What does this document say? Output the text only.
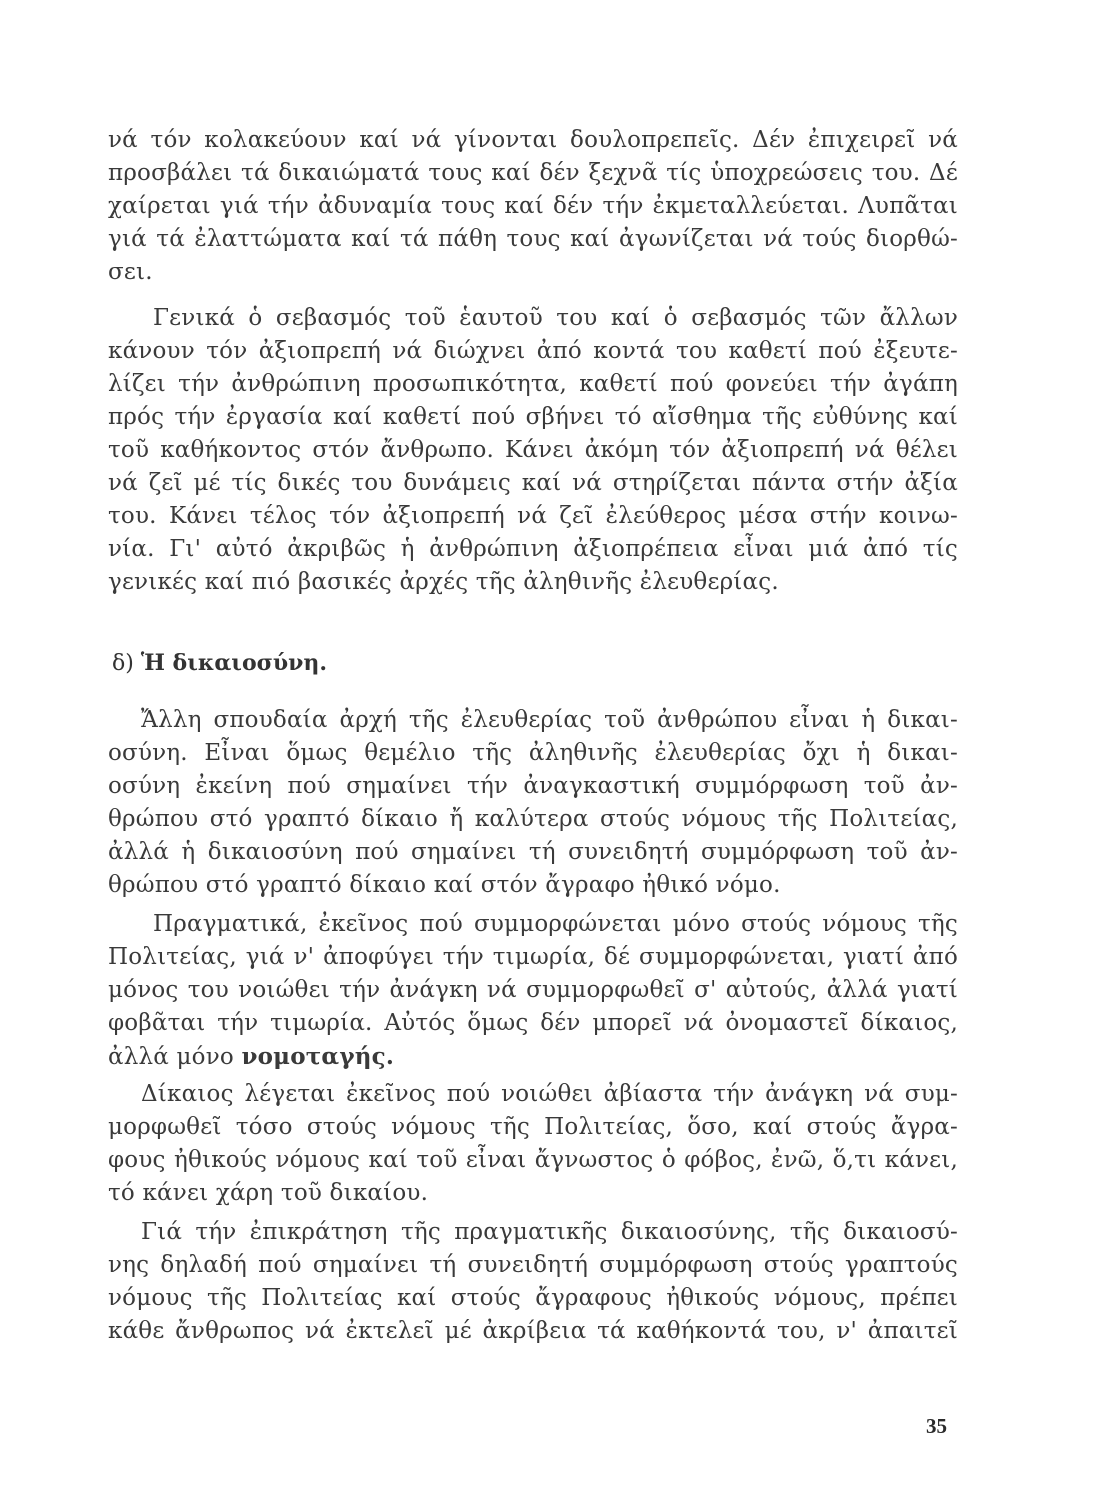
νά τόν κολακεύουν καί νά γίνονται δουλοπρεπεῖς. Δέν ἐπιχειρεῖ νά
προσβάλει τά δικαιώματά τους καί δέν ξεχνᾶ τίς ὑποχρεώσεις του. Δέ
χαίρεται γιά τήν ἀδυναμία τους καί δέν τήν ἐκμεταλλεύεται. Λυπᾶται
γιά τά ἐλαττώματα καί τά πάθη τους καί ἀγωνίζεται νά τούς διορθώ-
σει.
Γενικά ὁ σεβασμός τοῦ ἑαυτοῦ του καί ὁ σεβασμός τῶν ἄλλων
κάνουν τόν ἀξιοπρεπή νά διώχνει ἀπό κοντά του καθετί πού ἐξευτε-
λίζει τήν ἀνθρώπινη προσωπικότητα, καθετί πού φονεύει τήν ἀγάπη
πρός τήν ἐργασία καί καθετί πού σβήνει τό αἴσθημα τῆς εὐθύνης καί
τοῦ καθήκοντος στόν ἄνθρωπο. Κάνει ἀκόμη τόν ἀξιοπρεπή νά θέλει
νά ζεῖ μέ τίς δικές του δυνάμεις καί νά στηρίζεται πάντα στήν ἀξία
του. Κάνει τέλος τόν ἀξιοπρεπή νά ζεῖ ἐλεύθερος μέσα στήν κοινω-
νία. Γι' αὐτό ἀκριβῶς ἡ ἀνθρώπινη ἀξιοπρέπεια εἶναι μιά ἀπό τίς
γενικές καί πιό βασικές ἀρχές τῆς ἀληθινῆς ἐλευθερίας.
δ) Ἡ δικαιοσύνη.
Ἄλλη σπουδαία ἀρχή τῆς ἐλευθερίας τοῦ ἀνθρώπου εἶναι ἡ δικαι-
οσύνη. Εἶναι ὅμως θεμέλιο τῆς ἀληθινῆς ἐλευθερίας ὄχι ἡ δικαι-
οσύνη ἐκείνη πού σημαίνει τήν ἀναγκαστική συμμόρφωση τοῦ ἀν-
θρώπου στό γραπτό δίκαιο ἤ καλύτερα στούς νόμους τῆς Πολιτείας,
ἀλλά ἡ δικαιοσύνη πού σημαίνει τή συνειδητή συμμόρφωση τοῦ ἀν-
θρώπου στό γραπτό δίκαιο καί στόν ἄγραφο ἠθικό νόμο.
Πραγματικά, ἐκεῖνος πού συμμορφώνεται μόνο στούς νόμους τῆς
Πολιτείας, γιά ν' ἀποφύγει τήν τιμωρία, δέ συμμορφώνεται, γιατί ἀπό
μόνος του νοιώθει τήν ἀνάγκη νά συμμορφωθεῖ σ' αὐτούς, ἀλλά γιατί
φοβᾶται τήν τιμωρία. Αὐτός ὅμως δέν μπορεῖ νά ὀνομαστεῖ δίκαιος,
ἀλλά μόνο νομοταγής.
Δίκαιος λέγεται ἐκεῖνος πού νοιώθει ἀβίαστα τήν ἀνάγκη νά συμ-
μορφωθεῖ τόσο στούς νόμους τῆς Πολιτείας, ὅσο, καί στούς ἄγρα-
φους ἠθικούς νόμους καί τοῦ εἶναι ἄγνωστος ὁ φόβος, ἐνῶ, ὅ,τι κάνει,
τό κάνει χάρη τοῦ δικαίου.
Γιά τήν ἐπικράτηση τῆς πραγματικῆς δικαιοσύνης, τῆς δικαιοσύ-
νης δηλαδή πού σημαίνει τή συνειδητή συμμόρφωση στούς γραπτούς
νόμους τῆς Πολιτείας καί στούς ἄγραφους ἠθικούς νόμους, πρέπει
κάθε ἄνθρωπος νά ἐκτελεῖ μέ ἀκρίβεια τά καθήκοντά του, ν' ἀπαιτεῖ
35
